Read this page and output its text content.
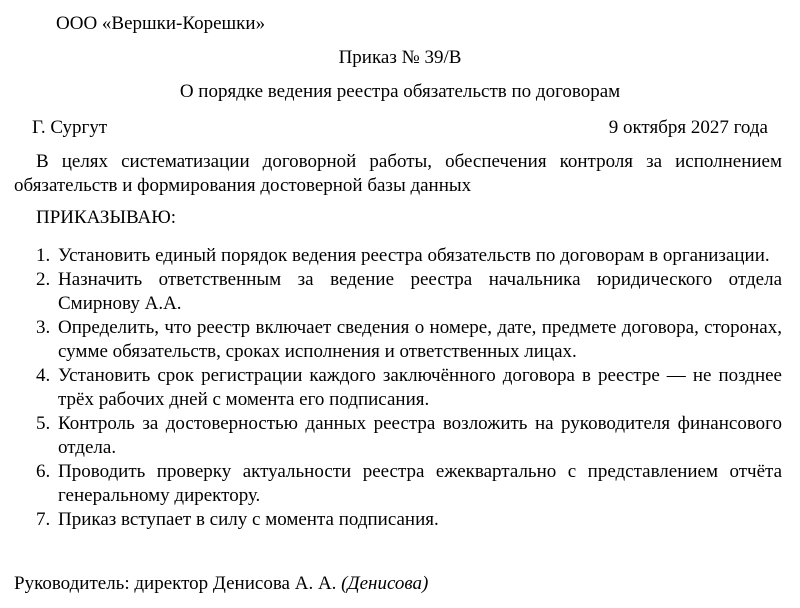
ООО «Вершки-Корешки»
Приказ № 39/В
О порядке ведения реестра обязательств по договорам
Г. Сургут	9 октября 2027 года
В целях систематизации договорной работы, обеспечения контроля за исполнением обязательств и формирования достоверной базы данных
ПРИКАЗЫВАЮ:
1. Установить единый порядок ведения реестра обязательств по договорам в организации.
2. Назначить ответственным за ведение реестра начальника юридического отдела Смирнову А.А.
3. Определить, что реестр включает сведения о номере, дате, предмете договора, сторонах, сумме обязательств, сроках исполнения и ответственных лицах.
4. Установить срок регистрации каждого заключённого договора в реестре — не позднее трёх рабочих дней с момента его подписания.
5. Контроль за достоверностью данных реестра возложить на руководителя финансового отдела.
6. Проводить проверку актуальности реестра ежеквартально с представлением отчёта генеральному директору.
7. Приказ вступает в силу с момента подписания.
Руководитель: директор Денисова А. А. (Денисова)
